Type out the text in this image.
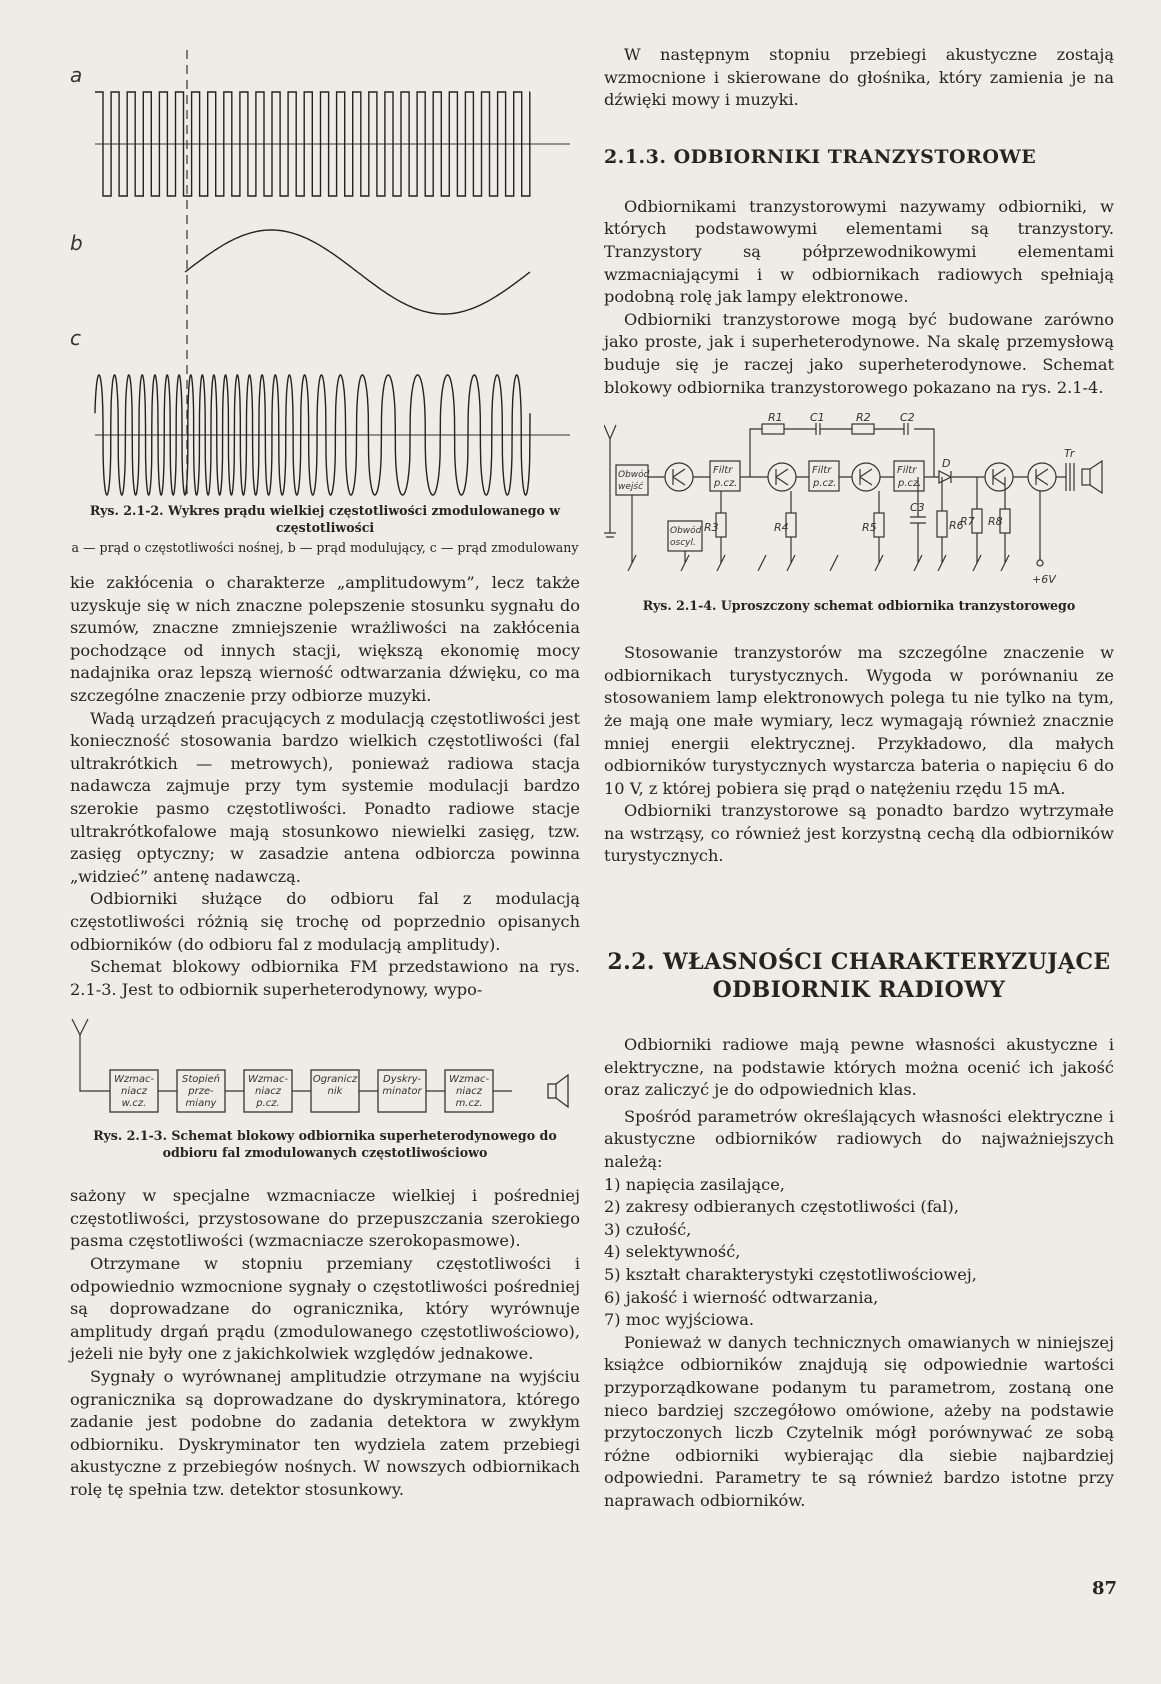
a
b
c

Rys. 2.1-2. Wykres prądu wielkiej częstotliwości zmodulowanego w częstotliwości

a — prąd o częstotliwości nośnej, b — prąd modulujący, c — prąd zmodulowany

kie zakłócenia o charakterze „amplitudowym”, lecz także uzyskuje się w nich znaczne polepszenie stosunku sygnału do szumów, znaczne zmniejszenie wrażliwości na zakłócenia pochodzące od innych stacji, większą ekonomię mocy nadajnika oraz lepszą wierność odtwarzania dźwięku, co ma szczególne znaczenie przy odbiorze muzyki.

Wadą urządzeń pracujących z modulacją częstotliwości jest konieczność stosowania bardzo wielkich częstotliwości (fal ultrakrótkich — metrowych), ponieważ radiowa stacja nadawcza zajmuje przy tym systemie modulacji bardzo szerokie pasmo częstotliwości. Ponadto radiowe stacje ultrakrótkofalowe mają stosunkowo niewielki zasięg, tzw. zasięg optyczny; w zasadzie antena odbiorcza powinna „widzieć” antenę nadawczą.

Odbiorniki służące do odbioru fal z modulacją częstotliwości różnią się trochę od poprzednio opisanych odbiorników (do odbioru fal z modulacją amplitudy).

Schemat blokowy odbiornika FM przedstawiono na rys. 2.1-3. Jest to odbiornik superheterodynowy, wypo-

Wzmac-
niacz
w.cz.
Stopień
prze-
miany
Wzmac-
niacz
p.cz.
Ogranicz
nik
Dyskry-
minator
Wzmac-
niacz
m.cz.

Rys. 2.1-3. Schemat blokowy odbiornika superheterodynowego do odbioru fal zmodulowanych częstotliwościowo

sażony w specjalne wzmacniacze wielkiej i pośredniej częstotliwości, przystosowane do przepuszczania szerokiego pasma częstotliwości (wzmacniacze szerokopasmowe).

Otrzymane w stopniu przemiany częstotliwości i odpowiednio wzmocnione sygnały o częstotliwości pośredniej są doprowadzane do ogranicznika, który wyrównuje amplitudy drgań prądu (zmodulowanego częstotliwościowo), jeżeli nie były one z jakichkolwiek względów jednakowe.

Sygnały o wyrównanej amplitudzie otrzymane na wyjściu ogranicznika są doprowadzane do dyskryminatora, którego zadanie jest podobne do zadania detektora w zwykłym odbiorniku. Dyskryminator ten wydziela zatem przebiegi akustyczne z przebiegów nośnych. W nowszych odbiornikach rolę tę spełnia tzw. detektor stosunkowy.

W następnym stopniu przebiegi akustyczne zostają wzmocnione i skierowane do głośnika, który zamienia je na dźwięki mowy i muzyki.

2.1.3. ODBIORNIKI TRANZYSTOROWE

Odbiornikami tranzystorowymi nazywamy odbiorniki, w których podstawowymi elementami są tranzystory. Tranzystory są półprzewodnikowymi elementami wzmacniającymi i w odbiornikach radiowych spełniają podobną rolę jak lampy elektronowe.

Odbiorniki tranzystorowe mogą być budowane zarówno jako proste, jak i superheterodynowe. Na skalę przemysłową buduje się je raczej jako superheterodynowe. Schemat blokowy odbiornika tranzystorowego pokazano na rys. 2.1-4.

Obwód
wejść
Obwód
oscyl.
Filtr
p.cz.
Filtr
p.cz.
Filtr
p.cz.
R1 C1	R2	C2
D
Tr
R3	R4	R5
C3
R6
R7 R8
+6V

Rys. 2.1-4. Uproszczony schemat odbiornika tranzystorowego

Stosowanie tranzystorów ma szczególne znaczenie w odbiornikach turystycznych. Wygoda w porównaniu ze stosowaniem lamp elektronowych polega tu nie tylko na tym, że mają one małe wymiary, lecz wymagają również znacznie mniej energii elektrycznej. Przykładowo, dla małych odbiorników turystycznych wystarcza bateria o napięciu 6 do 10 V, z której pobiera się prąd o natężeniu rzędu 15 mA.

Odbiorniki tranzystorowe są ponadto bardzo wytrzymałe na wstrząsy, co również jest korzystną cechą dla odbiorników turystycznych.

2.2. WŁASNOŚCI CHARAKTERYZUJĄCE
ODBIORNIK RADIOWY

Odbiorniki radiowe mają pewne własności akustyczne i elektryczne, na podstawie których można ocenić ich jakość oraz zaliczyć je do odpowiednich klas.

Spośród parametrów określających własności elektryczne i akustyczne odbiorników radiowych do najważniejszych należą:

1) napięcia zasilające,
2) zakresy odbieranych częstotliwości (fal),
3) czułość,
4) selektywność,
5) kształt charakterystyki częstotliwościowej,
6) jakość i wierność odtwarzania,
7) moc wyjściowa.

Ponieważ w danych technicznych omawianych w niniejszej książce odbiorników znajdują się odpowiednie wartości przyporządkowane podanym tu parametrom, zostaną one nieco bardziej szczegółowo omówione, ażeby na podstawie przytoczonych liczb Czytelnik mógł porównywać ze sobą różne odbiorniki wybierając dla siebie najbardziej odpowiedni. Parametry te są również bardzo istotne przy naprawach odbiorników.

87
